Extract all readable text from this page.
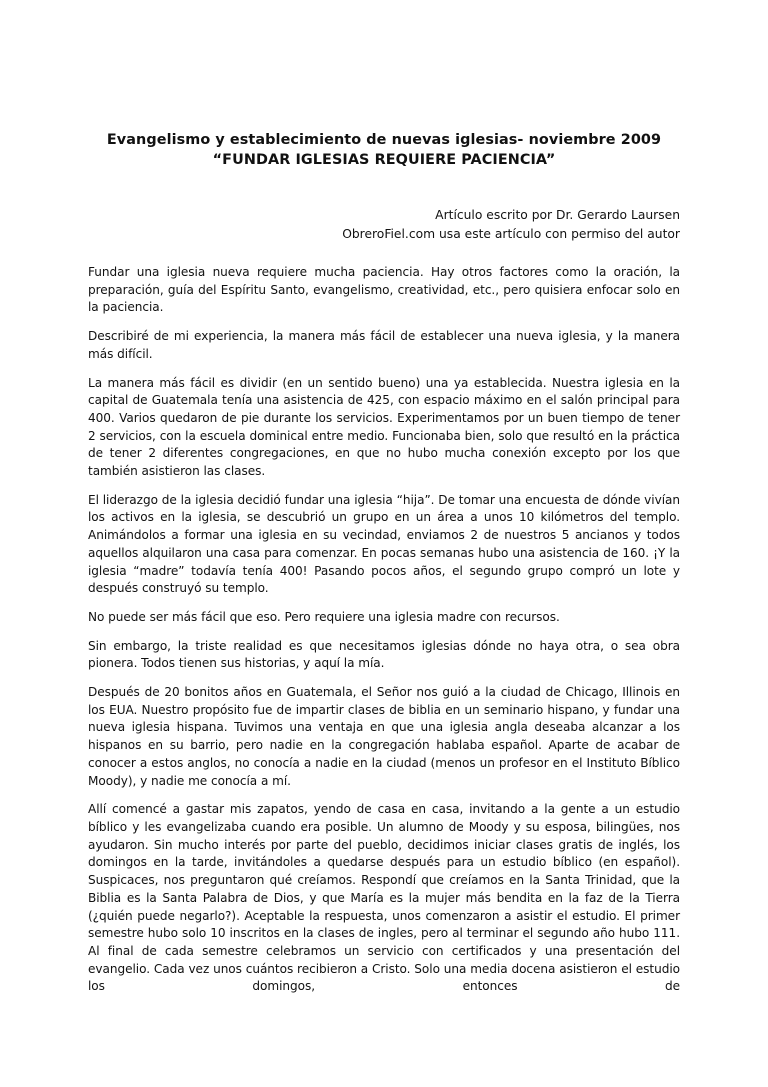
Evangelismo y establecimiento de nuevas iglesias- noviembre 2009
“FUNDAR IGLESIAS REQUIERE PACIENCIA”
Artículo escrito por Dr. Gerardo Laursen
ObreroFiel.com usa este artículo con permiso del autor

Fundar una iglesia nueva requiere mucha paciencia. Hay otros factores como la oración, la preparación, guía del Espíritu Santo, evangelismo, creatividad, etc., pero quisiera enfocar solo en la paciencia.

Describiré de mi experiencia, la manera más fácil de establecer una nueva iglesia, y la manera más difícil.

La manera más fácil es dividir (en un sentido bueno) una ya establecida. Nuestra iglesia en la capital de Guatemala tenía una asistencia de 425, con espacio máximo en el salón principal para 400. Varios quedaron de pie durante los servicios. Experimentamos por un buen tiempo de tener 2 servicios, con la escuela dominical entre medio. Funcionaba bien, solo que resultó en la práctica de tener 2 diferentes congregaciones, en que no hubo mucha conexión excepto por los que también asistieron las clases.

El liderazgo de la iglesia decidió fundar una iglesia “hija”. De tomar una encuesta de dónde vivían los activos en la iglesia, se descubrió un grupo en un área a unos 10 kilómetros del templo. Animándolos a formar una iglesia en su vecindad, enviamos 2 de nuestros 5 ancianos y todos aquellos alquilaron una casa para comenzar. En pocas semanas hubo una asistencia de 160. ¡Y la iglesia “madre” todavía tenía 400! Pasando pocos años, el segundo grupo compró un lote y después construyó su templo.

No puede ser más fácil que eso. Pero requiere una iglesia madre con recursos.

Sin embargo, la triste realidad es que necesitamos iglesias dónde no haya otra, o sea obra pionera. Todos tienen sus historias, y aquí la mía.

Después de 20 bonitos años en Guatemala, el Señor nos guió a la ciudad de Chicago, Illinois en los EUA. Nuestro propósito fue de impartir clases de biblia en un seminario hispano, y fundar una nueva iglesia hispana. Tuvimos una ventaja en que una iglesia angla deseaba alcanzar a los hispanos en su barrio, pero nadie en la congregación hablaba español. Aparte de acabar de conocer a estos anglos, no conocía a nadie en la ciudad (menos un profesor en el Instituto Bíblico Moody), y nadie me conocía a mí.

Allí comencé a gastar mis zapatos, yendo de casa en casa, invitando a la gente a un estudio bíblico y les evangelizaba cuando era posible. Un alumno de Moody y su esposa, bilingües, nos ayudaron. Sin mucho interés por parte del pueblo, decidimos iniciar clases gratis de inglés, los domingos en la tarde, invitándoles a quedarse después para un estudio bíblico (en español). Suspicaces, nos preguntaron qué creíamos. Respondí que creíamos en la Santa Trinidad, que la Biblia es la Santa Palabra de Dios, y que María es la mujer más bendita en la faz de la Tierra (¿quién puede negarlo?). Aceptable la respuesta, unos comenzaron a asistir el estudio. El primer semestre hubo solo 10 inscritos en la clases de ingles, pero al terminar el segundo año hubo 111. Al final de cada semestre celebramos un servicio con certificados y una presentación del evangelio. Cada vez unos cuántos recibieron a Cristo. Solo una media docena asistieron el estudio los domingos, entonces de
